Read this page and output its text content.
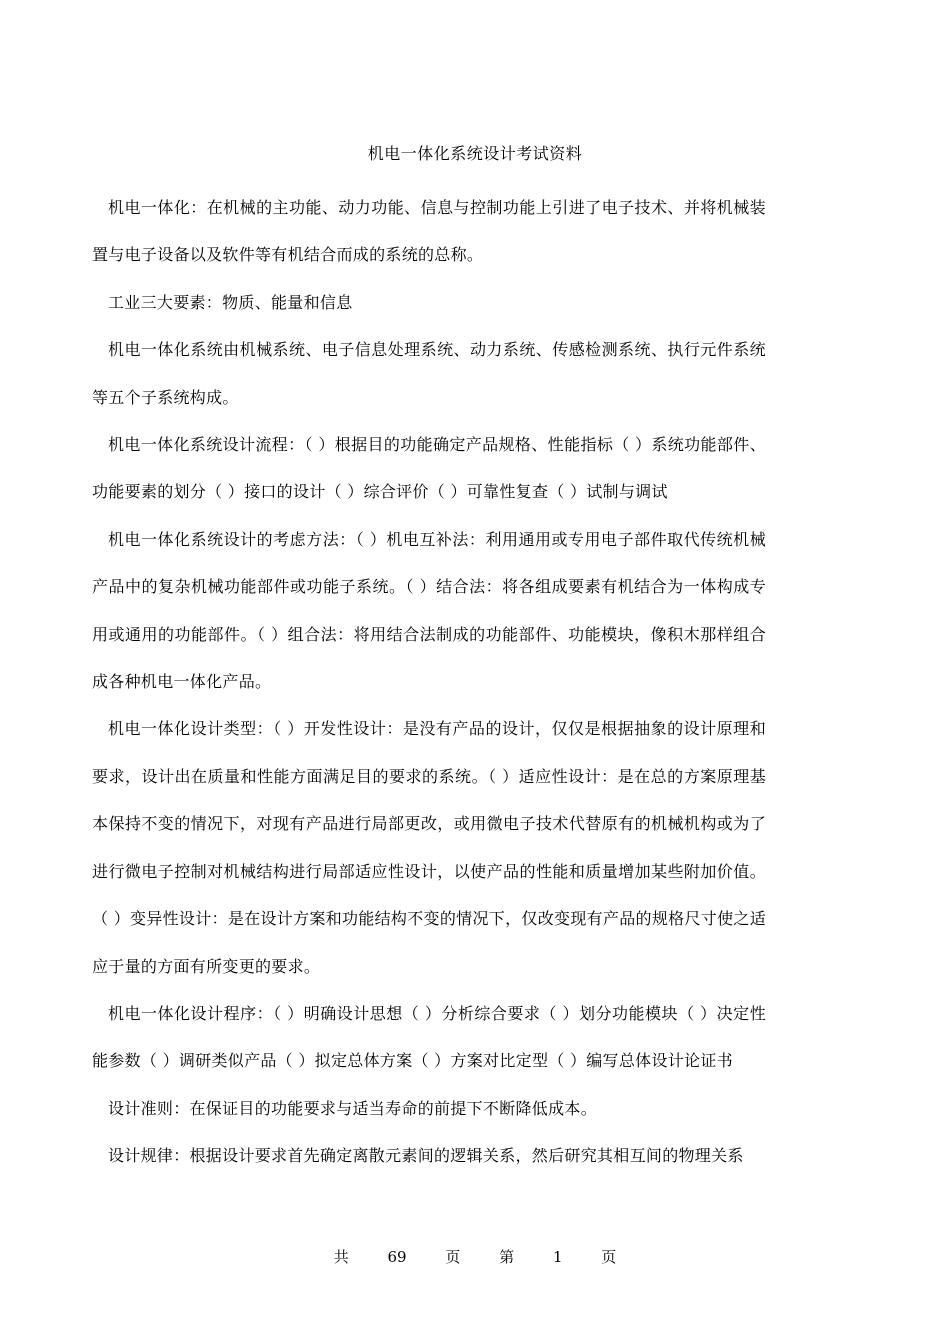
机电一体化系统设计考试资料

机电一体化：在机械的主功能、动力功能、信息与控制功能上引进了电子技术、并将机械装置与电子设备以及软件等有机结合而成的系统的总称。

工业三大要素：物质、能量和信息

机电一体化系统由机械系统、电子信息处理系统、动力系统、传感检测系统、执行元件系统等五个子系统构成。

机电一体化系统设计流程：（ ）根据目的功能确定产品规格、性能指标（ ）系统功能部件、功能要素的划分（ ）接口的设计（ ）综合评价（ ）可靠性复查（ ）试制与调试

机电一体化系统设计的考虑方法：（ ）机电互补法：利用通用或专用电子部件取代传统机械产品中的复杂机械功能部件或功能子系统。（ ）结合法：将各组成要素有机结合为一体构成专用或通用的功能部件。（ ）组合法：将用结合法制成的功能部件、功能模块，像积木那样组合成各种机电一体化产品。

机电一体化设计类型：（ ）开发性设计：是没有产品的设计，仅仅是根据抽象的设计原理和要求，设计出在质量和性能方面满足目的要求的系统。（ ）适应性设计：是在总的方案原理基本保持不变的情况下，对现有产品进行局部更改，或用微电子技术代替原有的机械机构或为了进行微电子控制对机械结构进行局部适应性设计，以使产品的性能和质量增加某些附加价值。（ ）变异性设计：是在设计方案和功能结构不变的情况下，仅改变现有产品的规格尺寸使之适应于量的方面有所变更的要求。

机电一体化设计程序：（ ）明确设计思想（ ）分析综合要求（ ）划分功能模块（ ）决定性能参数（ ）调研类似产品（ ）拟定总体方案（ ）方案对比定型（ ）编写总体设计论证书

设计准则：在保证目的功能要求与适当寿命的前提下不断降低成本。

设计规律：根据设计要求首先确定离散元素间的逻辑关系，然后研究其相互间的物理关系

共	69	页	第	1	页
